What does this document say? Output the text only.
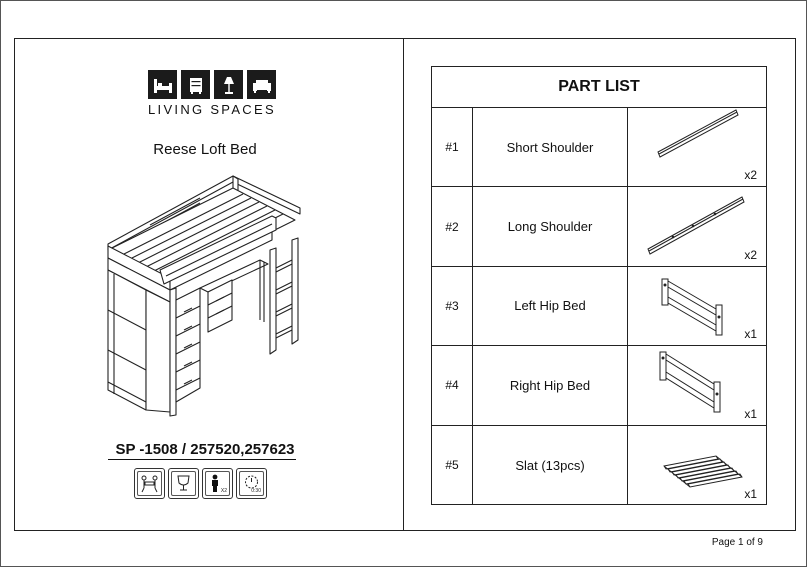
LIVING SPACES
Reese Loft Bed
SP -1508 / 257520,257623
X2	0:30
PART LIST
#1	Short Shoulder
x2
#2	Long Shoulder
x2
#3	Left Hip Bed
x1
#4	Right Hip Bed
x1
#5	Slat (13pcs)
x1
Page 1 of 9
